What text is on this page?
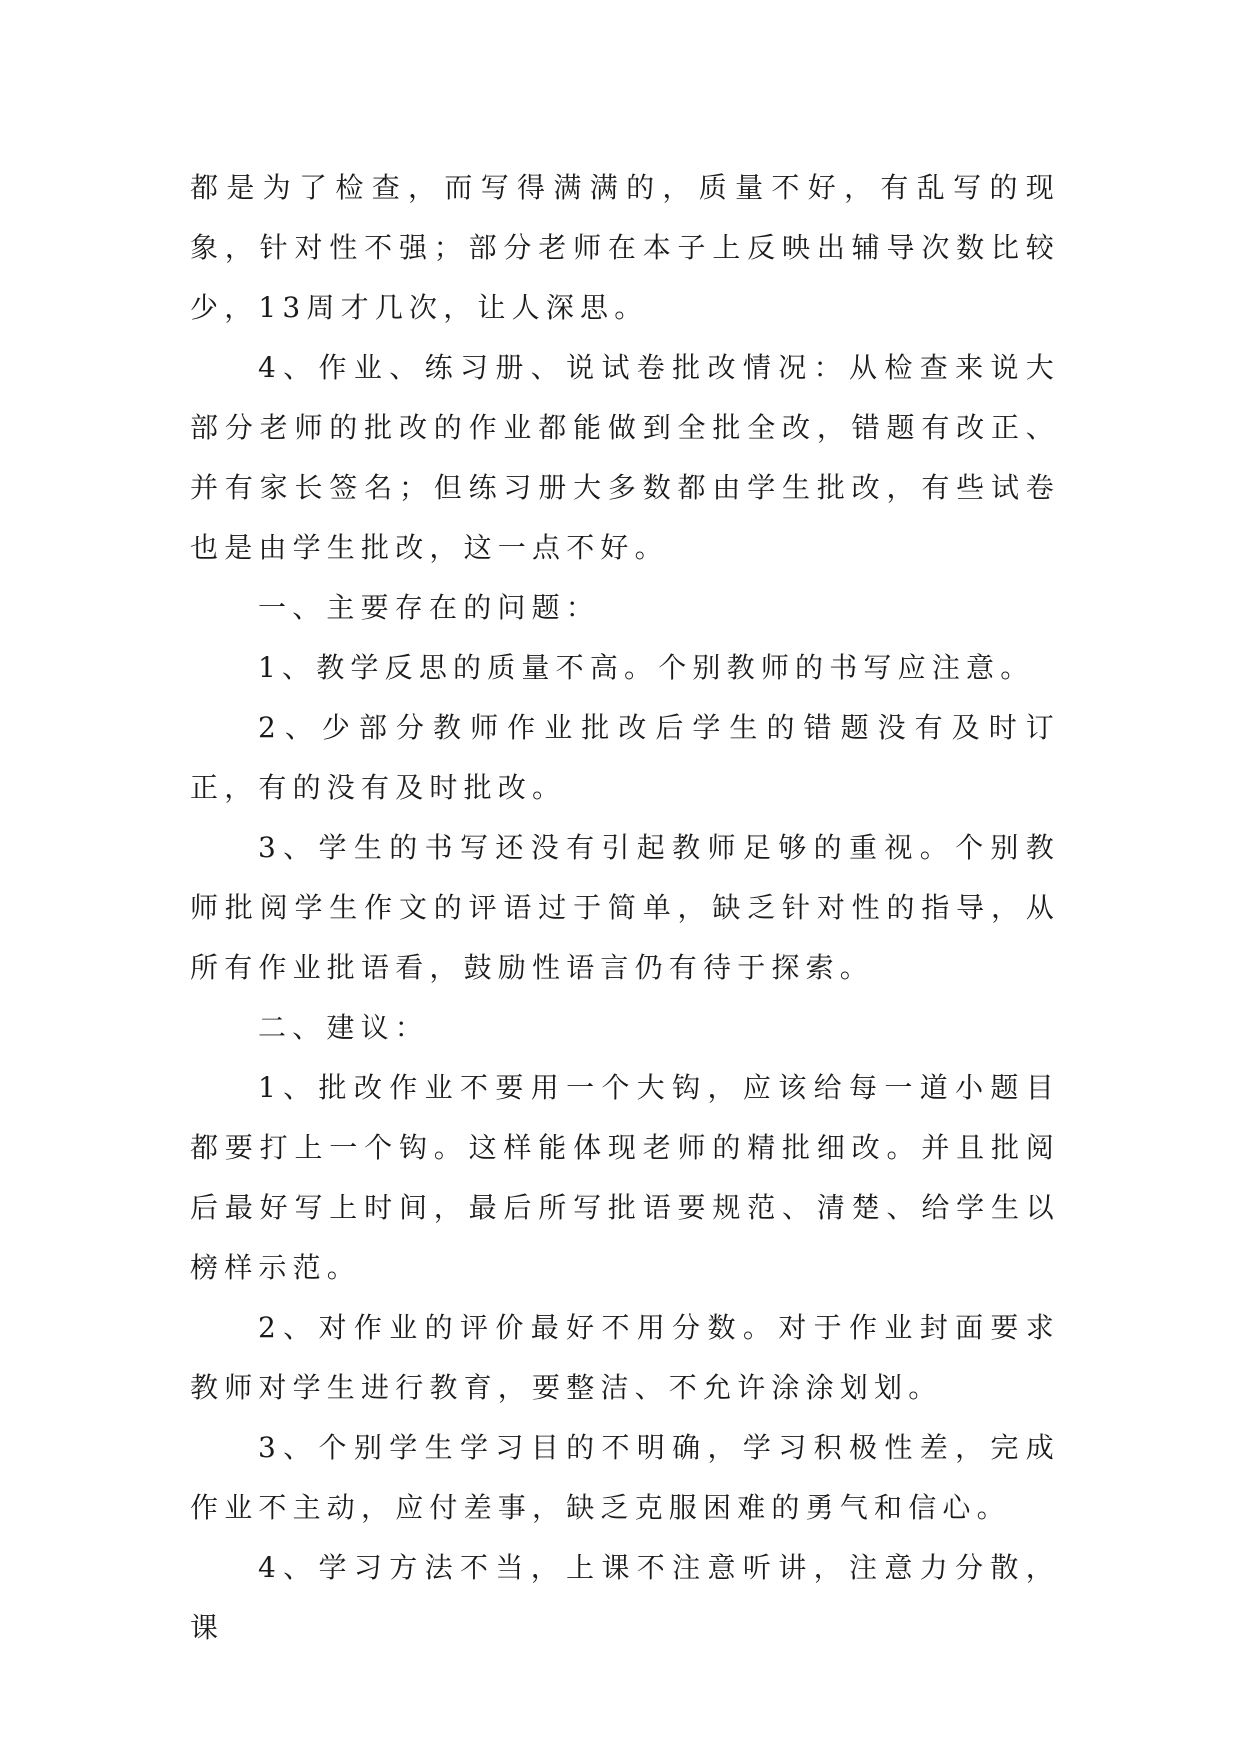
都是为了检查，而写得满满的，质量不好，有乱写的现象，针对性不强；部分老师在本子上反映出辅导次数比较少，13周才几次，让人深思。

4、作业、练习册、说试卷批改情况：从检查来说大部分老师的批改的作业都能做到全批全改，错题有改正、并有家长签名；但练习册大多数都由学生批改，有些试卷也是由学生批改，这一点不好。

一、主要存在的问题：

1、教学反思的质量不高。个别教师的书写应注意。

2、少部分教师作业批改后学生的错题没有及时订正，有的没有及时批改。

3、学生的书写还没有引起教师足够的重视。个别教师批阅学生作文的评语过于简单，缺乏针对性的指导，从所有作业批语看，鼓励性语言仍有待于探索。

二、建议：

1、批改作业不要用一个大钩，应该给每一道小题目都要打上一个钩。这样能体现老师的精批细改。并且批阅后最好写上时间，最后所写批语要规范、清楚、给学生以榜样示范。

2、对作业的评价最好不用分数。对于作业封面要求教师对学生进行教育，要整洁、不允许涂涂划划。

3、个别学生学习目的不明确，学习积极性差，完成作业不主动，应付差事，缺乏克服困难的勇气和信心。

4、学习方法不当，上课不注意听讲，注意力分散，课
